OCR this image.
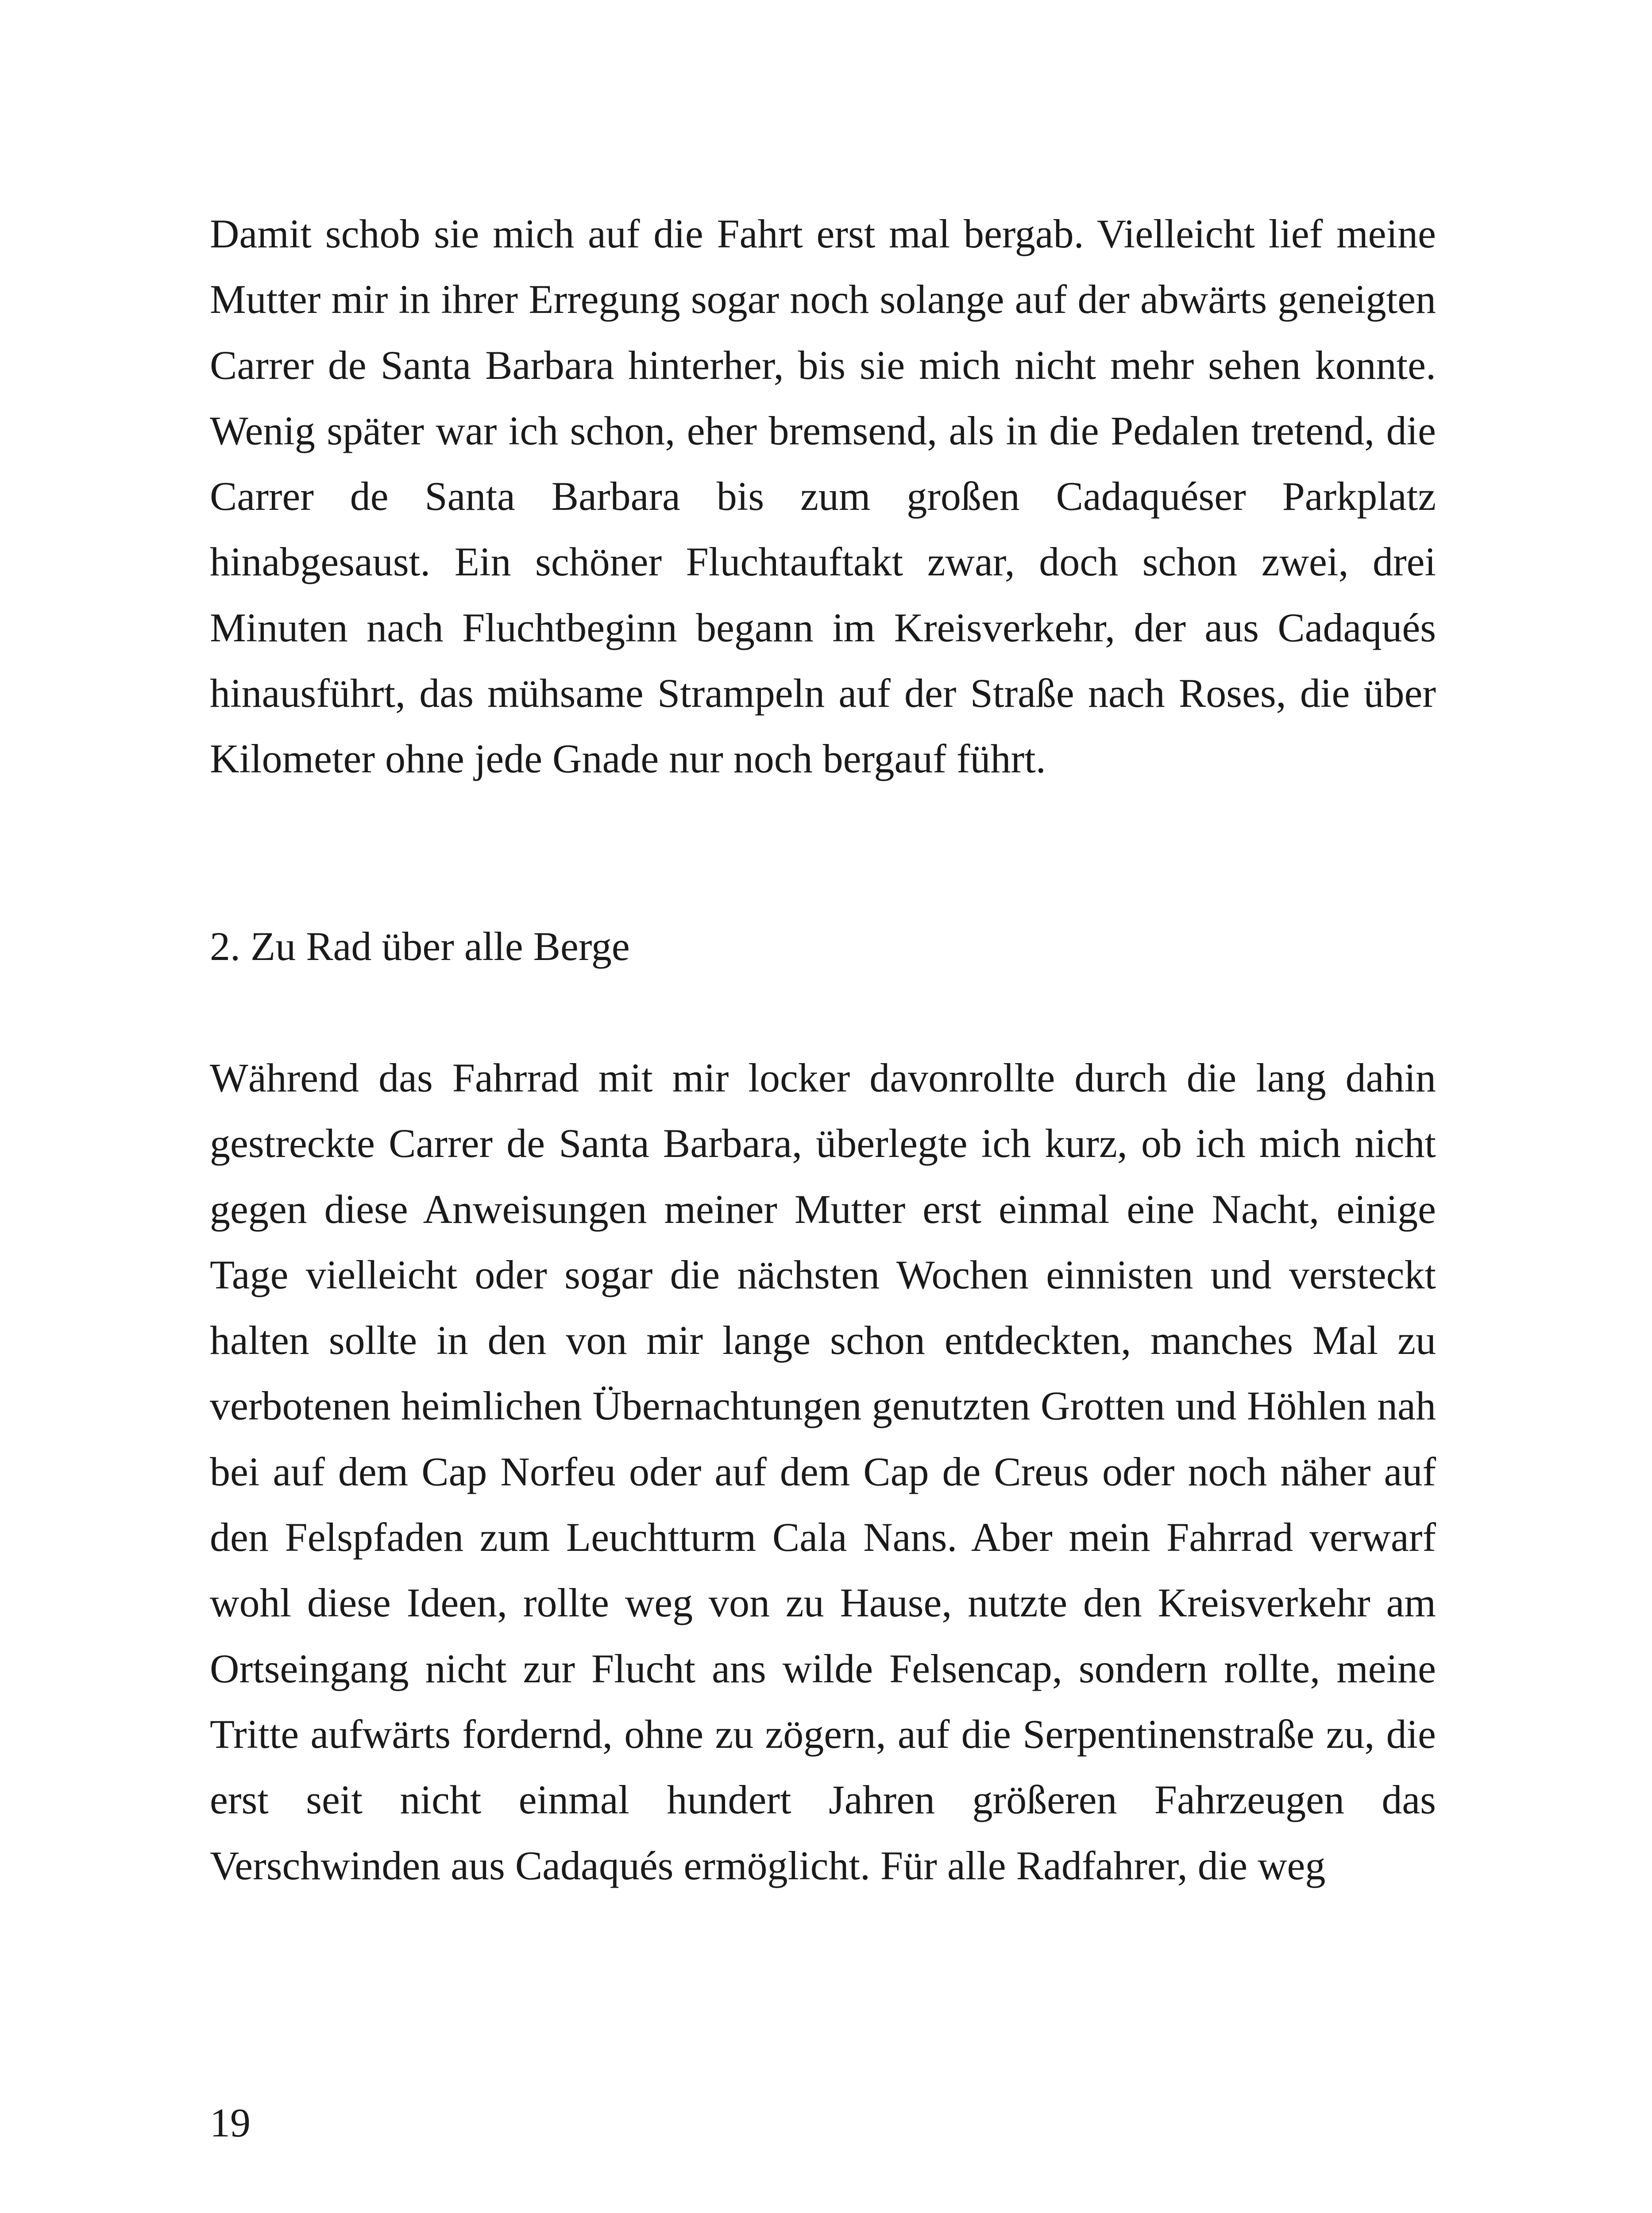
Damit schob sie mich auf die Fahrt erst mal bergab. Vielleicht lief meine Mutter mir in ihrer Erregung sogar noch solange auf der abwärts geneigten Carrer de Santa Barbara hinterher, bis sie mich nicht mehr sehen konnte. Wenig später war ich schon, eher bremsend, als in die Pedalen tretend, die Carrer de Santa Barbara bis zum großen Cadaquéser Parkplatz hinabgesaust. Ein schöner Fluchtauftakt zwar, doch schon zwei, drei Minuten nach Fluchtbeginn begann im Kreisverkehr, der aus Cadaqués hinausführt, das mühsame Strampeln auf der Straße nach Roses, die über Kilometer ohne jede Gnade nur noch bergauf führt.
2. Zu Rad über alle Berge
Während das Fahrrad mit mir locker davonrollte durch die lang dahin gestreckte Carrer de Santa Barbara, überlegte ich kurz, ob ich mich nicht gegen diese Anweisungen meiner Mutter erst einmal eine Nacht, einige Tage vielleicht oder sogar die nächsten Wochen einnisten und versteckt halten sollte in den von mir lange schon entdeckten, manches Mal zu verbotenen heimlichen Übernachtungen genutzten Grotten und Höhlen nah bei auf dem Cap Norfeu oder auf dem Cap de Creus oder noch näher auf den Felspfaden zum Leuchtturm Cala Nans. Aber mein Fahrrad verwarf wohl diese Ideen, rollte weg von zu Hause, nutzte den Kreisverkehr am Ortseingang nicht zur Flucht ans wilde Felsencap, sondern rollte, meine Tritte aufwärts fordernd, ohne zu zögern, auf die Serpentinenstraße zu, die erst seit nicht einmal hundert Jahren größeren Fahrzeugen das Verschwinden aus Cadaqués ermöglicht. Für alle Radfahrer, die weg
19
